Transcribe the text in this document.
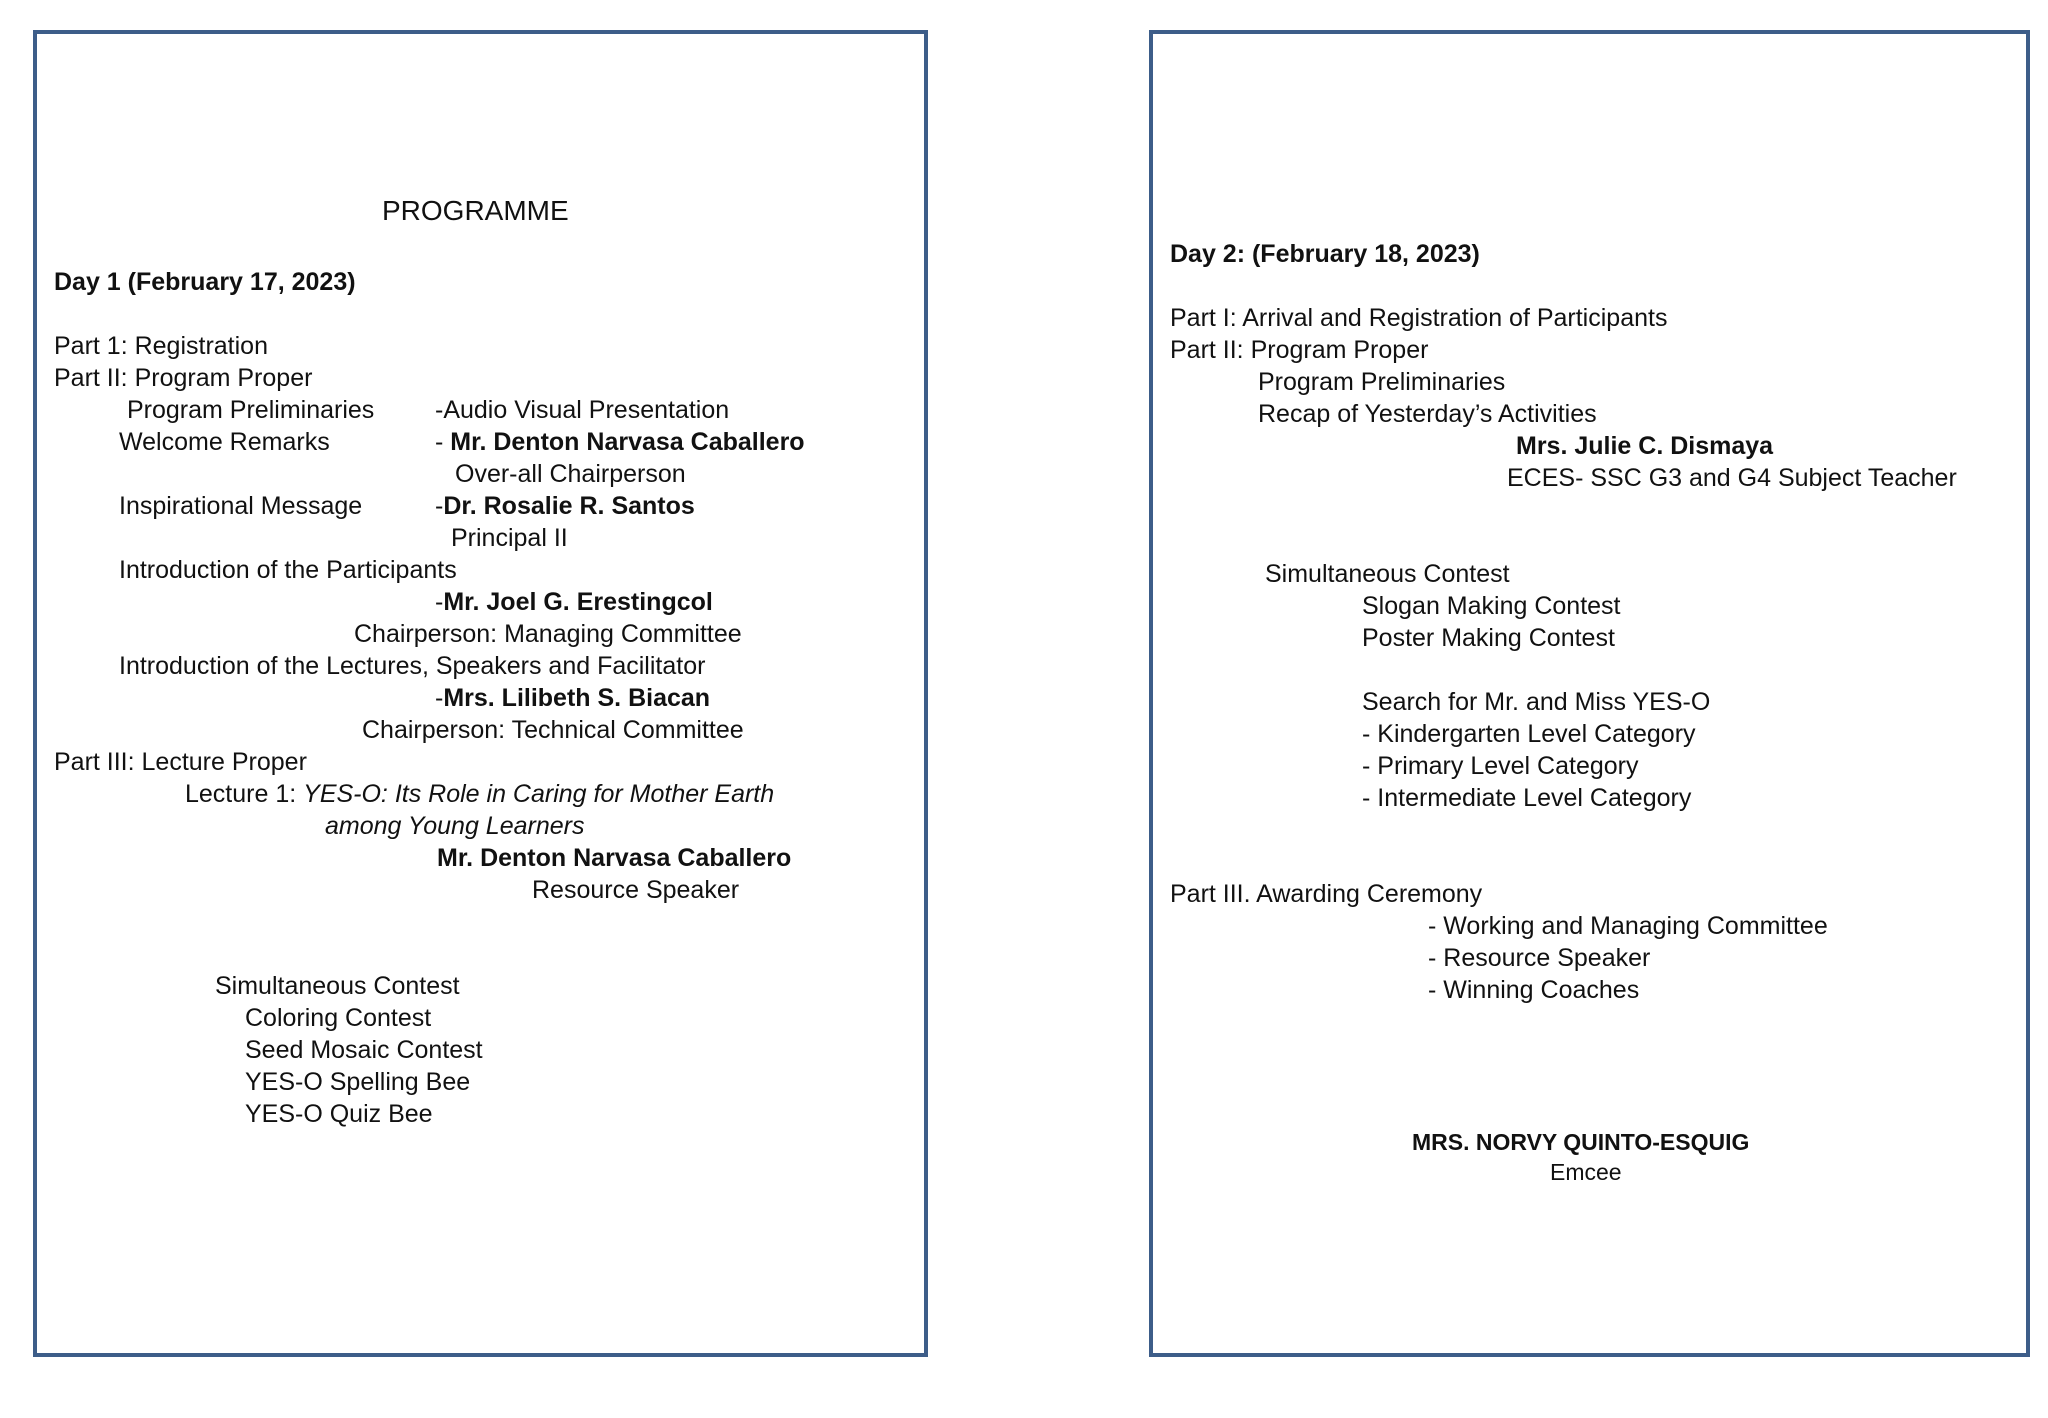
PROGRAMME
Day 1 (February 17, 2023)
Part 1: Registration
Part II: Program Proper
Program Preliminaries -Audio Visual Presentation
Welcome Remarks	- Mr. Denton Narvasa Caballero
Over-all Chairperson
Inspirational Message	-Dr. Rosalie R. Santos
Principal II
Introduction of the Participants
-Mr. Joel G. Erestingcol
Chairperson: Managing Committee
Introduction of the Lectures, Speakers and Facilitator
-Mrs. Lilibeth S. Biacan
Chairperson: Technical Committee
Part III: Lecture Proper
Lecture 1: YES-O: Its Role in Caring for Mother Earth
among Young Learners
Mr. Denton Narvasa Caballero
Resource Speaker
Simultaneous Contest
Coloring Contest
Seed Mosaic Contest
YES-O Spelling Bee
YES-O Quiz Bee
Day 2: (February 18, 2023)
Part I: Arrival and Registration of Participants
Part II: Program Proper
Program Preliminaries
Recap of Yesterday’s Activities
Mrs. Julie C. Dismaya
ECES- SSC G3 and G4 Subject Teacher
Simultaneous Contest
Slogan Making Contest
Poster Making Contest
Search for Mr. and Miss YES-O
- Kindergarten Level Category
- Primary Level Category
- Intermediate Level Category
Part III. Awarding Ceremony
- Working and Managing Committee
- Resource Speaker
- Winning Coaches
MRS. NORVY QUINTO-ESQUIG
Emcee
